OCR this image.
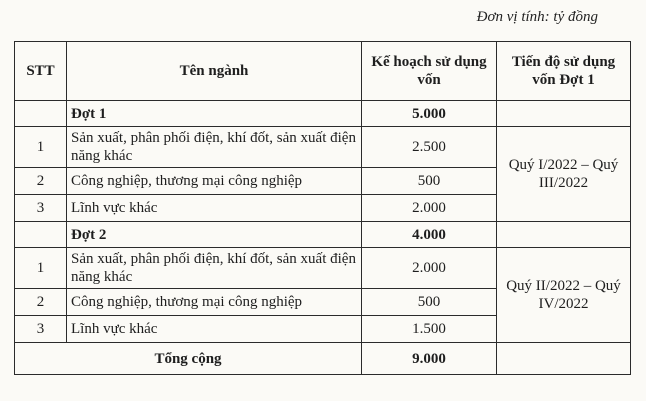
Đơn vị tính: tỷ đồng
STT	Tên ngành	Kế hoạch sử dụng vốn	Tiến độ sử dụng vốn Đợt 1
	Đợt 1	5.000	
1	Sản xuất, phân phối điện, khí đốt, sản xuất điện năng khác	2.500	Quý I/2022 – Quý III/2022
2	Công nghiệp, thương mại công nghiệp	500	
3	Lĩnh vực khác	2.000	
	Đợt 2	4.000	
1	Sản xuất, phân phối điện, khí đốt, sản xuất điện năng khác	2.000	Quý II/2022 – Quý IV/2022
2	Công nghiệp, thương mại công nghiệp	500	
3	Lĩnh vực khác	1.500	
Tổng cộng		9.000	
